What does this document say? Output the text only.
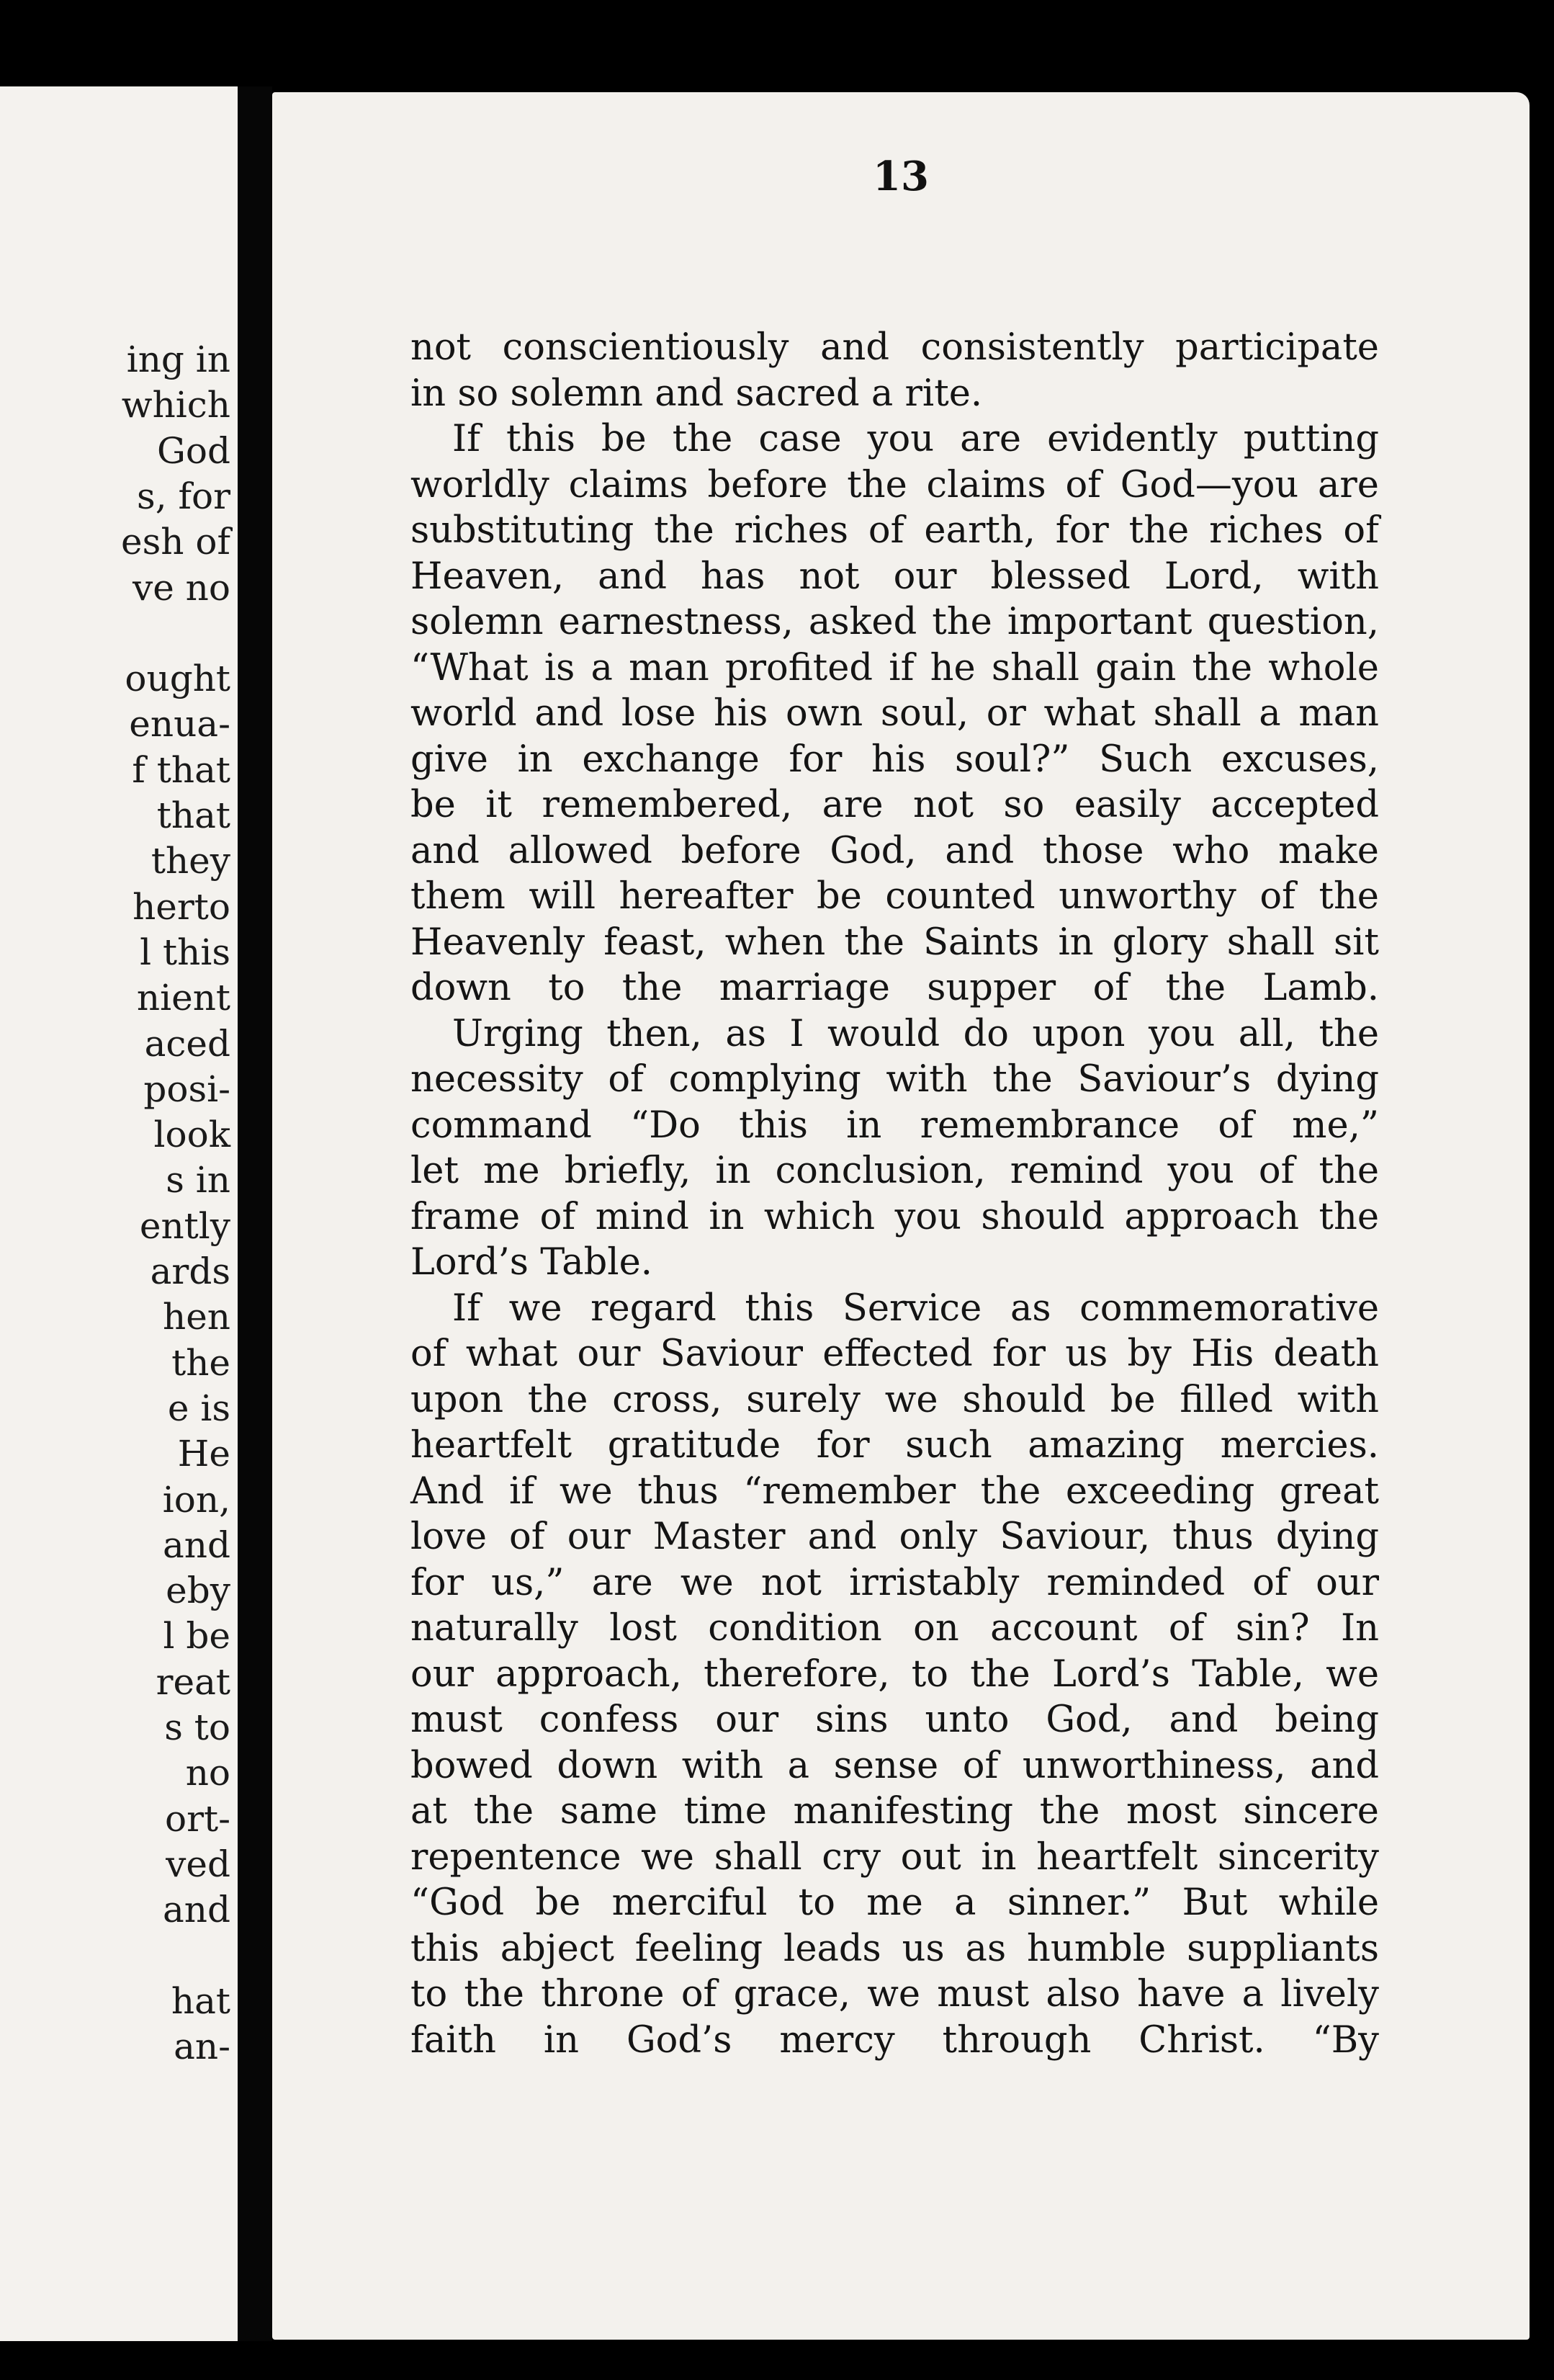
ing in
which
God
s, for
esh of
ve no
ought
enua-
f that
that
they
herto
l this
nient
aced
posi-
look
s in
ently
ards
hen
the
e is
He
ion,
and
eby
l be
reat
s to
no
ort-
ved
and
hat
an-
13
not conscientiously and consistently participate
in so solemn and sacred a rite.
If this be the case you are evidently putting
worldly claims before the claims of God—you are
substituting the riches of earth, for the riches of
Heaven, and has not our blessed Lord, with
solemn earnestness, asked the important question,
“What is a man profited if he shall gain the whole
world and lose his own soul, or what shall a man
give in exchange for his soul?” Such excuses,
be it remembered, are not so easily accepted
and allowed before God, and those who make
them will hereafter be counted unworthy of the
Heavenly feast, when the Saints in glory shall sit
down to the marriage supper of the Lamb.
Urging then, as I would do upon you all, the
necessity of complying with the Saviour’s dying
command “Do this in remembrance of me,”
let me briefly, in conclusion, remind you of the
frame of mind in which you should approach the
Lord’s Table.
If we regard this Service as commemorative
of what our Saviour effected for us by His death
upon the cross, surely we should be filled with
heartfelt gratitude for such amazing mercies.
And if we thus “remember the exceeding great
love of our Master and only Saviour, thus dying
for us,” are we not irristably reminded of our
naturally lost condition on account of sin? In
our approach, therefore, to the Lord’s Table, we
must confess our sins unto God, and being
bowed down with a sense of unworthiness, and
at the same time manifesting the most sincere
repentence we shall cry out in heartfelt sincerity
“God be merciful to me a sinner.” But while
this abject feeling leads us as humble suppliants
to the throne of grace, we must also have a lively
faith in God’s mercy through Christ. “By
